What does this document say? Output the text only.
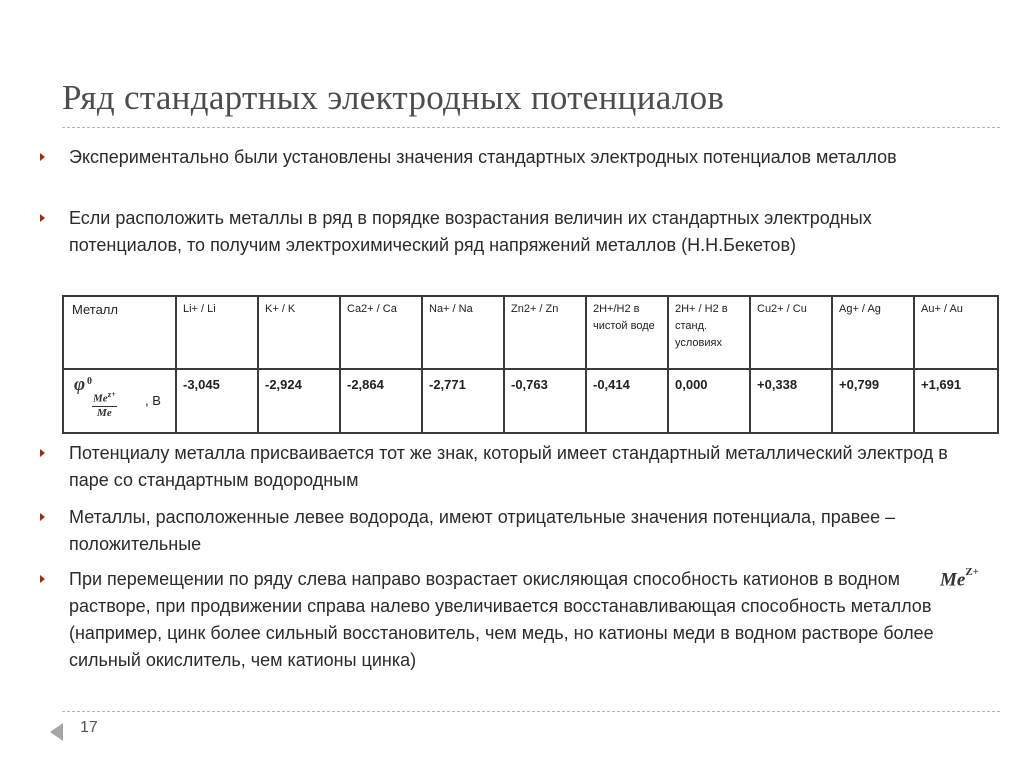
Ряд стандартных электродных потенциалов
Экспериментально были установлены значения стандартных электродных потенциалов металлов
Если расположить металлы в ряд в порядке возрастания величин их стандартных электродных потенциалов, то получим электрохимический ряд напряжений металлов (Н.Н.Бекетов)
Металл	Li+ / Li	K+ / K	Ca2+ / Ca	Na+ / Na	Zn2+ / Zn	2H+/H2 в чистой воде	2H+ / H2 в станд. условиях	Cu2+ / Cu	Ag+ / Ag	Au+ / Au

φ 0
$Me^{z+}$
Me
, В	-3,045	-2,924	-2,864	-2,771	-0,763	-0,414	0,000	+0,338	+0,799	+1,691
Потенциалу металла присваивается тот же знак, который имеет стандартный металлический электрод в паре со стандартным водородным
Металлы, расположенные левее водорода, имеют отрицательные значения потенциала, правее – положительные
При перемещении по ряду слева направо возрастает окисляющая способность катионов в водном растворе, при продвижении справа налево увеличивается восстанавливающая способность металлов (например, цинк более сильный восстановитель, чем медь, но катионы меди в водном растворе более сильный окислитель, чем катионы цинка)
$Me^{Z+}$
17
